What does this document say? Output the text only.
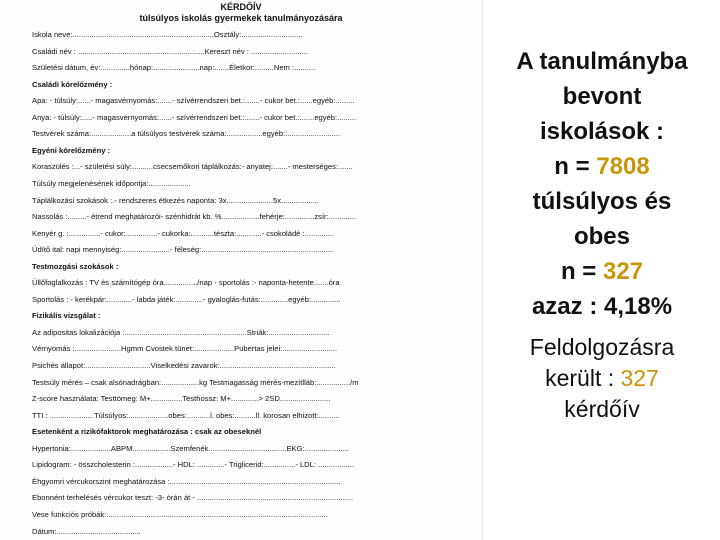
KÉRDŐÍV
túlsúlyos iskolás gyermekek tanulmányozására
Iskola neve:...................................................................Osztály:.............................
Családi név : ............................................................Kereszt név : ...........................
Születési dátum, év:..............hónap:......................nap:.......Életkor:.........Nem :..........
Családi kórelőzmény :
Apa: - túlsúly:......- magasvérnyomás:.......- szívérrendszeri bet.:.......- cukor bet.:......egyéb:.........
Anya: - túlsúly:.....- magasvérnyomás:......- szívérrendszeri bet.:.......- cukor bet.:.......egyéb:.........
Testvérek száma:...................a túlsúlyos testvérek száma:.................egyéb:..........................
Egyéni kórelőzmény :
Koraszülés :...- születési súly:..........csecsemőkori táplálkozás:- anyatej:.......- mesterséges:.......
Túlsúly megjelenésének időpontja:....................
Táplálkozási szokások :.- rendszeres étkezés naponta: 3x......................5x..................
Nassolás :.........- étrend meghatározói- szénhidrát kb. %..................fehérje:..............zsír:.............
Kenyér g. :...............- cukor:...............- cukorka:...........tészta:............- csokoládé :..............
Üdítő ital: napi mennyiség:.......................- féleség:...............................................................
Testmozgási szokások :
Üllőfoglalkozás : TV és számítógép óra................/nap - sportolás :- naponta-hetente.......óra
Sportolás : - kerékpár:............- labda játék:.............- gyaloglás-futás:.............egyéb:..............
Fizikális vizsgálat :
Az adipositas lokalizációja :..........................................................Striák:.............................
Vérnyomás :......................Hgmm Cvostek tünet:...................Pubertas jelei:..........................
Psichés állapot:...............................Viselkedési zavarok:.......................................................
Testsúly mérés – csak alsónadrágban:..................kg Testmagasság mérés-mezítlláb:................/m
Z-score használata: Testtömeg: M+...............Testhossz: M+.............> 2SD........................
TTI : .....................Túlsúlyos:...................obes:...........l. obes:..........ll. korosan elhizott:..........
Esetenként a rizikófaktorok meghatározása : csak az obeseknél
Hypertonia:...................ABPM..................Szemfenék.....................................EKG:.....................
Lipidogram: - összcholesterin :..................- HDL: .............- Triglicerid:...............- LDL: .................
Éhgyomri vércukorszint meghatározása :.................................................................................
Ebonnént terhelésés vércukor teszt: -3- órán át - ..........................................................................
Vese funkciós próbák:.........................................................................................................
Dátum:........................................
A tanulmányba
bevont
iskolások :
n = 7808
túlsúlyos és
obes
n = 327
azaz : 4,18%
Feldolgozásra
került : 327
kérdőív
